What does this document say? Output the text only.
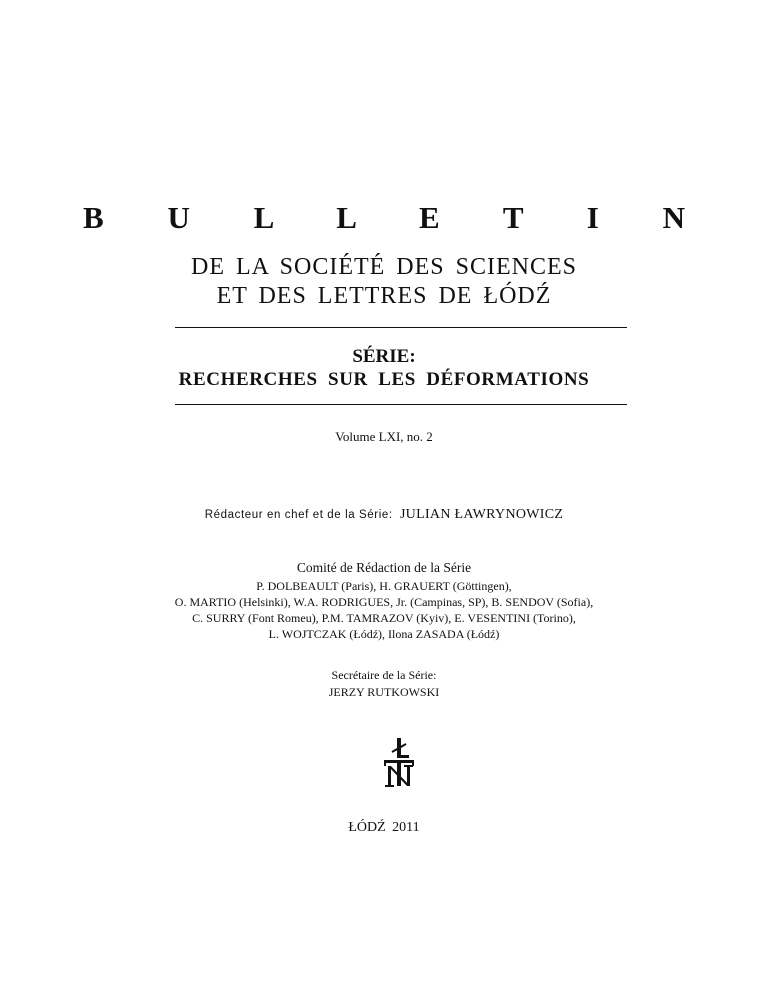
B U L L E T I N
DE LA SOCIÉTÉ DES SCIENCES
ET DES LETTRES DE ŁÓDŹ
SÉRIE:
RECHERCHES SUR LES DÉFORMATIONS
Volume LXI, no. 2
Rédacteur en chef et de la Série: JULIAN ŁAWRYNOWICZ
Comité de Rédaction de la Série
P. DOLBEAULT (Paris), H. GRAUERT (Göttingen),
O. MARTIO (Helsinki), W.A. RODRIGUES, Jr. (Campinas, SP), B. SENDOV (Sofia),
C. SURRY (Font Romeu), P.M. TAMRAZOV (Kyiv), E. VESENTINI (Torino),
L. WOJTCZAK (Łódź), Ilona ZASADA (Łódź)
Secrétaire de la Série:
JERZY RUTKOWSKI
ŁÓDŹ 2011
